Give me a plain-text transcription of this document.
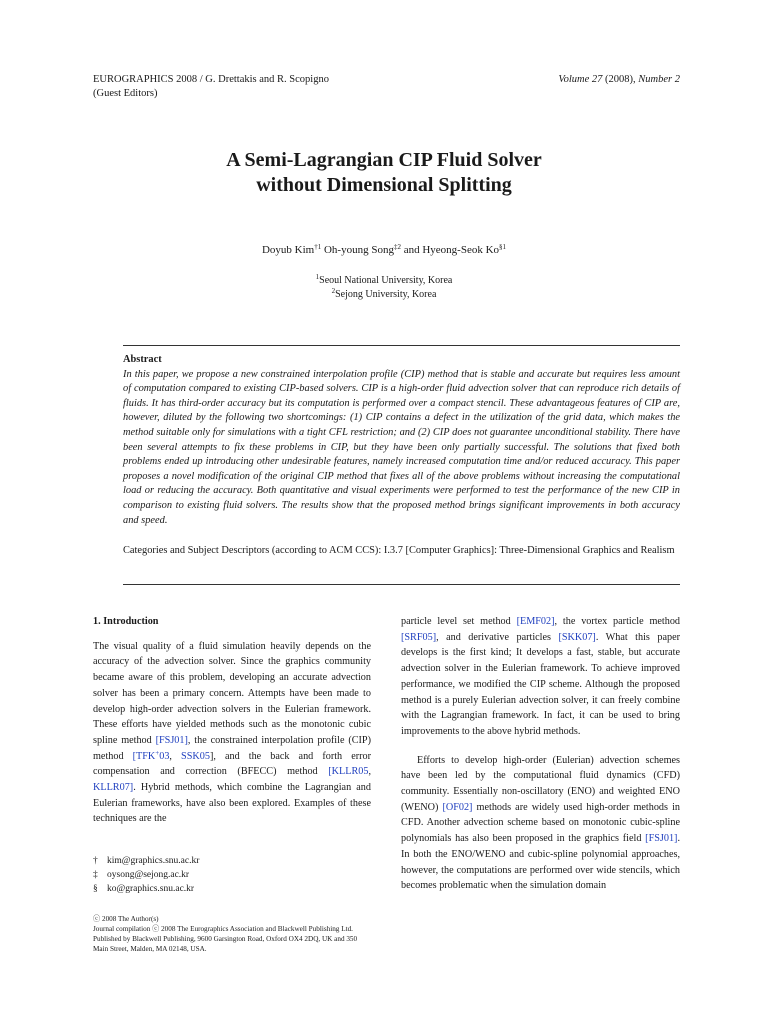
EUROGRAPHICS 2008 / G. Drettakis and R. Scopigno
(Guest Editors)
Volume 27 (2008), Number 2
A Semi-Lagrangian CIP Fluid Solver
without Dimensional Splitting
Doyub Kim$^{\dagger 1}$ Oh-young Song$^{\ddagger 2}$ and Hyeong-Seok Ko$^{\S 1}$
$^1$Seoul National University, Korea
$^2$Sejong University, Korea
Abstract
In this paper, we propose a new constrained interpolation profile (CIP) method that is stable and accurate but requires less amount of computation compared to existing CIP-based solvers. CIP is a high-order fluid advection solver that can reproduce rich details of fluids. It has third-order accuracy but its computation is performed over a compact stencil. These advantageous features of CIP are, however, diluted by the following two shortcomings: (1) CIP contains a defect in the utilization of the grid data, which makes the method suitable only for simulations with a tight CFL restriction; and (2) CIP does not guarantee unconditional stability. There have been several attempts to fix these problems in CIP, but they have been only partially successful. The solutions that fixed both problems ended up introducing other undesirable features, namely increased computation time and/or reduced accuracy. This paper proposes a novel modification of the original CIP method that fixes all of the above problems without increasing the computational load or reducing the accuracy. Both quantitative and visual experiments were performed to test the performance of the new CIP in comparison to existing fluid solvers. The results show that the proposed method brings significant improvements in both accuracy and speed.
Categories and Subject Descriptors (according to ACM CCS): I.3.7 [Computer Graphics]: Three-Dimensional Graphics and Realism

1. Introduction

The visual quality of a fluid simulation heavily depends on the accuracy of the advection solver. Since the graphics community became aware of this problem, developing an accurate advection solver has been a primary concern. Attempts have been made to develop high-order advection solvers in the Eulerian framework. These efforts have yielded methods such as the monotonic cubic spline method [FSJ01], the constrained interpolation profile (CIP) method [TFK+03, SSK05], and the back and forth error compensation and correction (BFECC) method [KLLR05, KLLR07]. Hybrid methods, which combine the Lagrangian and Eulerian frameworks, have also been explored. Examples of these techniques are the

† kim@graphics.snu.ac.kr
‡ oysong@sejong.ac.kr
§ ko@graphics.snu.ac.kr
ⓒ 2008 The Author(s)
Journal compilation ⓒ 2008 The Eurographics Association and Blackwell Publishing Ltd.
Published by Blackwell Publishing, 9600 Garsington Road, Oxford OX4 2DQ, UK and 350
Main Street, Malden, MA 02148, USA.

particle level set method [EMF02], the vortex particle method [SRF05], and derivative particles [SKK07]. What this paper develops is the first kind; It develops a fast, stable, but accurate advection solver in the Eulerian framework. To achieve improved performance, we modified the CIP scheme. Although the proposed method is a purely Eulerian advection solver, it can freely combine with the Lagrangian framework. In fact, it can be used to bring improvements to the above hybrid methods.

Efforts to develop high-order (Eulerian) advection schemes have been led by the computational fluid dynamics (CFD) community. Essentially non-oscillatory (ENO) and weighted ENO (WENO) [OF02] methods are widely used high-order methods in CFD. Another advection scheme based on monotonic cubic-spline polynomials has also been proposed in the graphics field [FSJ01]. In both the ENO/WENO and cubic-spline polynomial approaches, however, the computations are performed over wide stencils, which becomes problematic when the simulation domain
